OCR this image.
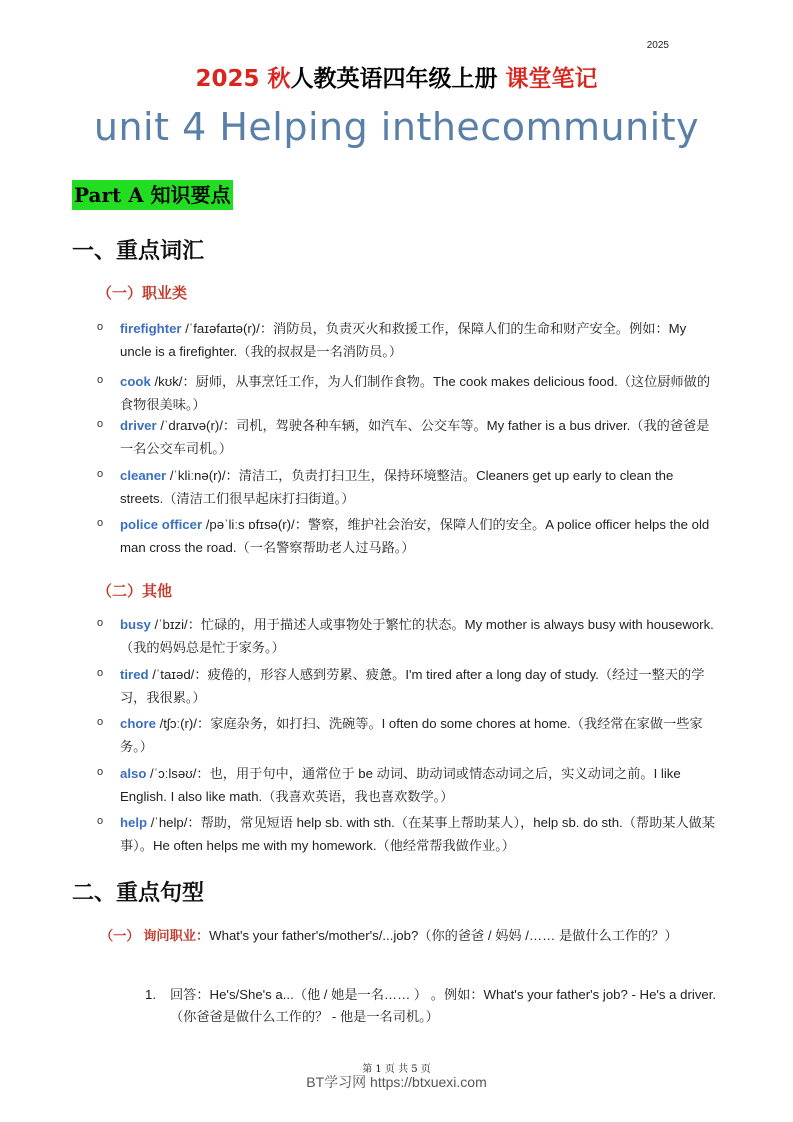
2025
2025 秋人教英语四年级上册 课堂笔记
unit 4 Helping inthecommunity
Part A 知识要点
一、重点词汇
（一）职业类
o firefighter /ˈfaɪəfaɪtə(r)/：消防员，负责灭火和救援工作，保障人们的生命和财产安全。例如：My uncle is a firefighter.（我的叔叔是一名消防员。）
o cook /kʊk/：厨师，从事烹饪工作，为人们制作食物。The cook makes delicious food.（这位厨师做的食物很美味。）
o driver /ˈdraɪvə(r)/：司机，驾驶各种车辆，如汽车、公交车等。My father is a bus driver.（我的爸爸是一名公交车司机。）
o cleaner /ˈkliːnə(r)/：清洁工，负责打扫卫生，保持环境整洁。Cleaners get up early to clean the streets.（清洁工们很早起床打扫街道。）
o police officer /pəˈliːs ɒfɪsə(r)/：警察，维护社会治安，保障人们的安全。A police officer helps the old man cross the road.（一名警察帮助老人过马路。）
（二）其他
o busy /ˈbɪzi/：忙碌的，用于描述人或事物处于繁忙的状态。My mother is always busy with housework.（我的妈妈总是忙于家务。）
o tired /ˈtaɪəd/：疲倦的，形容人感到劳累、疲惫。I'm tired after a long day of study.（经过一整天的学习，我很累。）
o chore /tʃɔː(r)/：家庭杂务，如打扫、洗碗等。I often do some chores at home.（我经常在家做一些家务。）
o also /ˈɔːlsəʊ/：也，用于句中，通常位于 be 动词、助动词或情态动词之后，实义动词之前。I like English. I also like math.（我喜欢英语，我也喜欢数学。）
o help /ˈhelp/：帮助，常见短语 help sb. with sth.（在某事上帮助某人），help sb. do sth.（帮助某人做某事）。He often helps me with my homework.（他经常帮我做作业。）
二、重点句型
（一） 询问职业：What's your father's/mother's/...job?（你的爸爸 / 妈妈 /…… 是做什么工作的？）
1. 回答：He's/She's a...（他 / 她是一名…… ） 。例如：What's your father's job? - He's a driver.（你爸爸是做什么工作的？ - 他是一名司机。）
第 1 页 共 5 页
BT学习网 https://btxuexi.com
